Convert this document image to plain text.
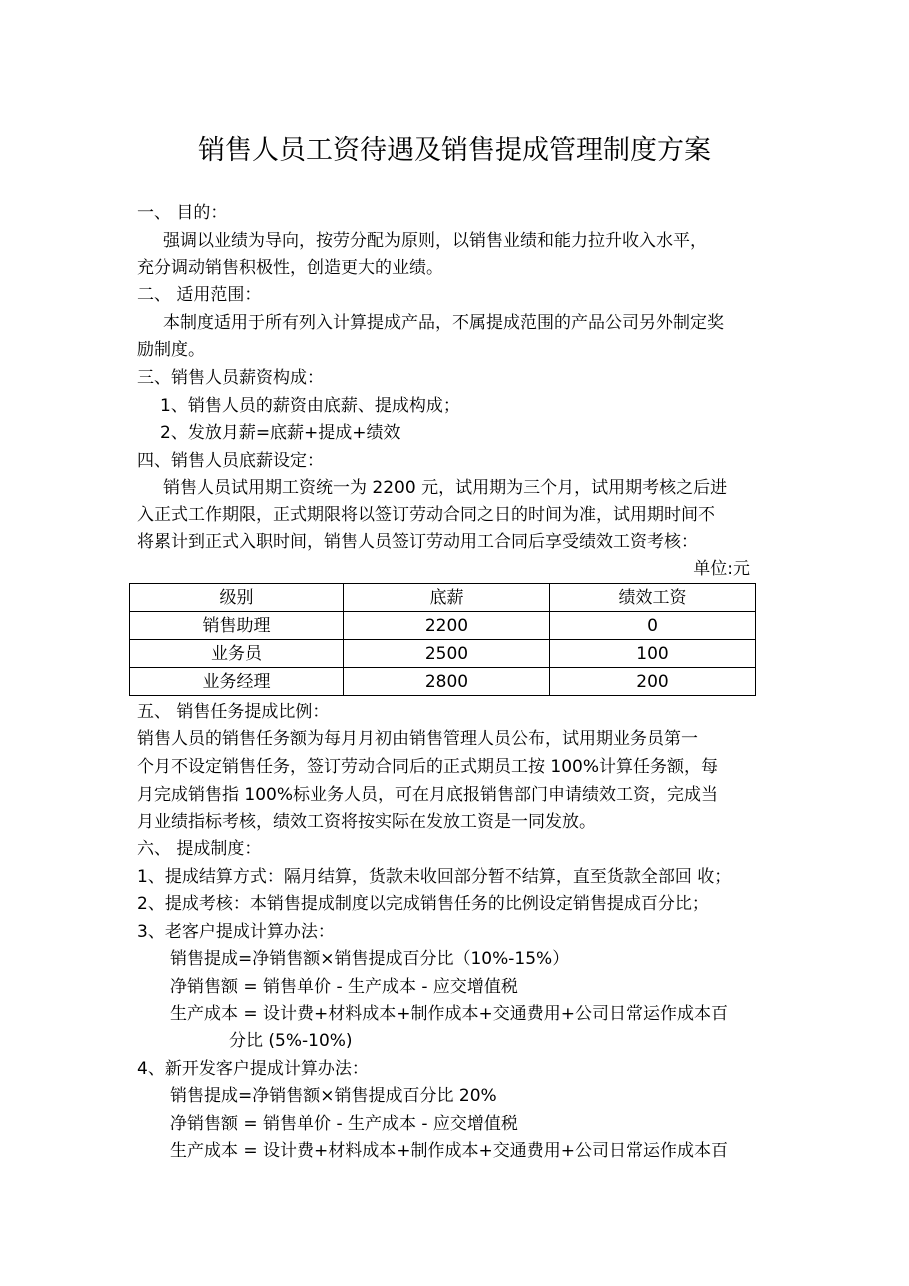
销售人员工资待遇及销售提成管理制度方案
一、 目的：
强调以业绩为导向，按劳分配为原则，以销售业绩和能力拉升收入水平，
充分调动销售积极性，创造更大的业绩。
二、 适用范围：
本制度适用于所有列入计算提成产品，不属提成范围的产品公司另外制定奖
励制度。
三、销售人员薪资构成：
1、销售人员的薪资由底薪、提成构成；
2、发放月薪=底薪+提成+绩效
四、销售人员底薪设定：
销售人员试用期工资统一为 2200 元，试用期为三个月，试用期考核之后进
入正式工作期限，正式期限将以签订劳动合同之日的时间为准，试用期时间不
将累计到正式入职时间，销售人员签订劳动用工合同后享受绩效工资考核：
单位:元
级别	底薪	绩效工资
销售助理	2200	0
业务员	2500	100
业务经理	2800	200
五、 销售任务提成比例：
销售人员的销售任务额为每月月初由销售管理人员公布，试用期业务员第一
个月不设定销售任务，签订劳动合同后的正式期员工按 100%计算任务额，每
月完成销售指 100%标业务人员，可在月底报销售部门申请绩效工资，完成当
月业绩指标考核，绩效工资将按实际在发放工资是一同发放。
六、 提成制度：
1、提成结算方式：隔月结算，货款未收回部分暂不结算，直至货款全部回 收；
2、提成考核：本销售提成制度以完成销售任务的比例设定销售提成百分比；
3、老客户提成计算办法：
销售提成=净销售额×销售提成百分比（10%-15%）
净销售额 = 销售单价 - 生产成本 - 应交增值税
生产成本 = 设计费+材料成本+制作成本+交通费用+公司日常运作成本百
分比 (5%-10%)
4、新开发客户提成计算办法：
销售提成=净销售额×销售提成百分比 20%
净销售额 = 销售单价 - 生产成本 - 应交增值税
生产成本 = 设计费+材料成本+制作成本+交通费用+公司日常运作成本百
